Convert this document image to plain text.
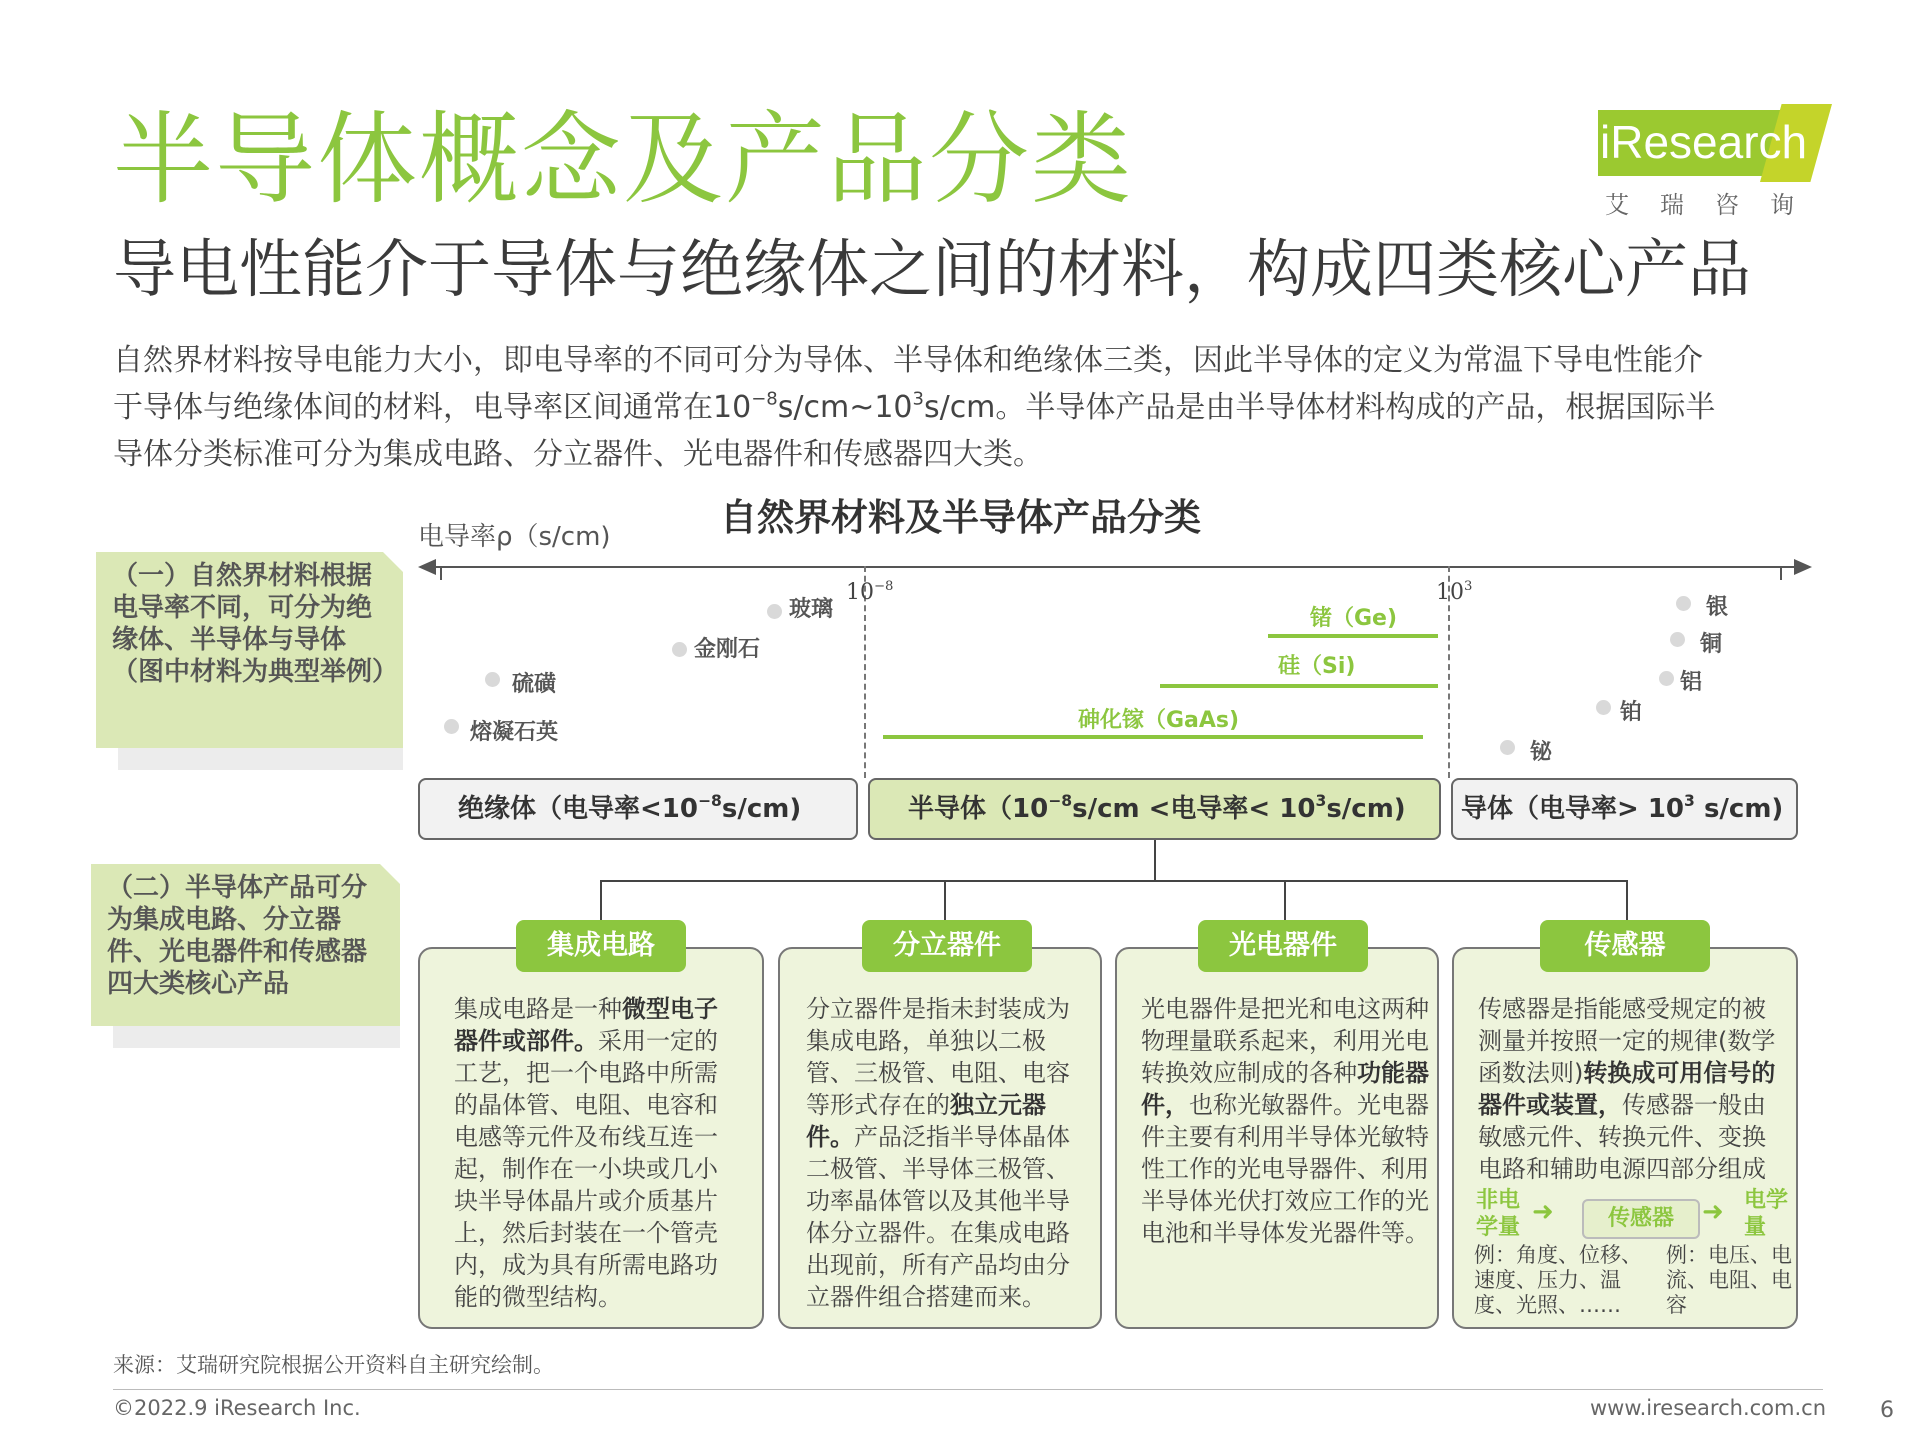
半导体概念及产品分类
导电性能介于导体与绝缘体之间的材料，构成四类核心产品
iResearch
艾瑞咨询

自然界材料按导电能力大小，即电导率的不同可分为导体、半导体和绝缘体三类，因此半导体的定义为常温下导电性能介

于导体与绝缘体间的材料，电导率区间通常在$10^{-8}s/cm\sim 10^3s/cm$。半导体产品是由半导体材料构成的产品，根据国际半

导体分类标准可分为集成电路、分立器件、光电器件和传感器四大类。

自然界材料及半导体产品分类
电导率ρ（s/cm)
$10^{-8}$	$10^3$
玻璃
金刚石
硫磺
熔凝石英
锗（Ge)
硅（Si)
砷化镓（GaAs)
银
铜
铝
铂
铋
绝缘体（电导率$<10^{-8}s/cm$)	半导体（$10^{-8}s/cm$ <电导率< $10^3s/cm$)	导体（电导率> $10^3$ s/cm)
（一）自然界材料根据电导率不同，可分为绝缘体、半导体与导体（图中材料为典型举例）
（二）半导体产品可分为集成电路、分立器件、光电器件和传感器四大类核心产品
集成电路是一种微型电子器件或部件。采用一定的工艺，把一个电路中所需的晶体管、电阻、电容和电感等元件及布线互连一起，制作在一小块或几小块半导体晶片或介质基片上，然后封装在一个管壳内，成为具有所需电路功能的微型结构。
集成电路
分立器件是指未封装成为集成电路，单独以二极管、三极管、电阻、电容等形式存在的独立元器件。产品泛指半导体晶体二极管、半导体三极管、功率晶体管以及其他半导体分立器件。在集成电路出现前，所有产品均由分立器件组合搭建而来。
分立器件
光电器件是把光和电这两种物理量联系起来，利用光电转换效应制成的各种功能器件，也称光敏器件。光电器件主要有利用半导体光敏特性工作的光电导器件、利用半导体光伏打效应工作的光电池和半导体发光器件等。
光电器件
传感器是指能感受规定的被测量并按照一定的规律(数学函数法则)转换成可用信号的器件或装置，传感器一般由敏感元件、转换元件、变换电路和辅助电源四部分组成
非电学量
➜	传感器	➜ 电学量
例：角度、位移、速度、压力、温度、光照、……
例：电压、电流、电阻、电容
传感器
来源：艾瑞研究院根据公开资料自主研究绘制。
©2022.9 iResearch Inc.	www.iresearch.com.cn 6
